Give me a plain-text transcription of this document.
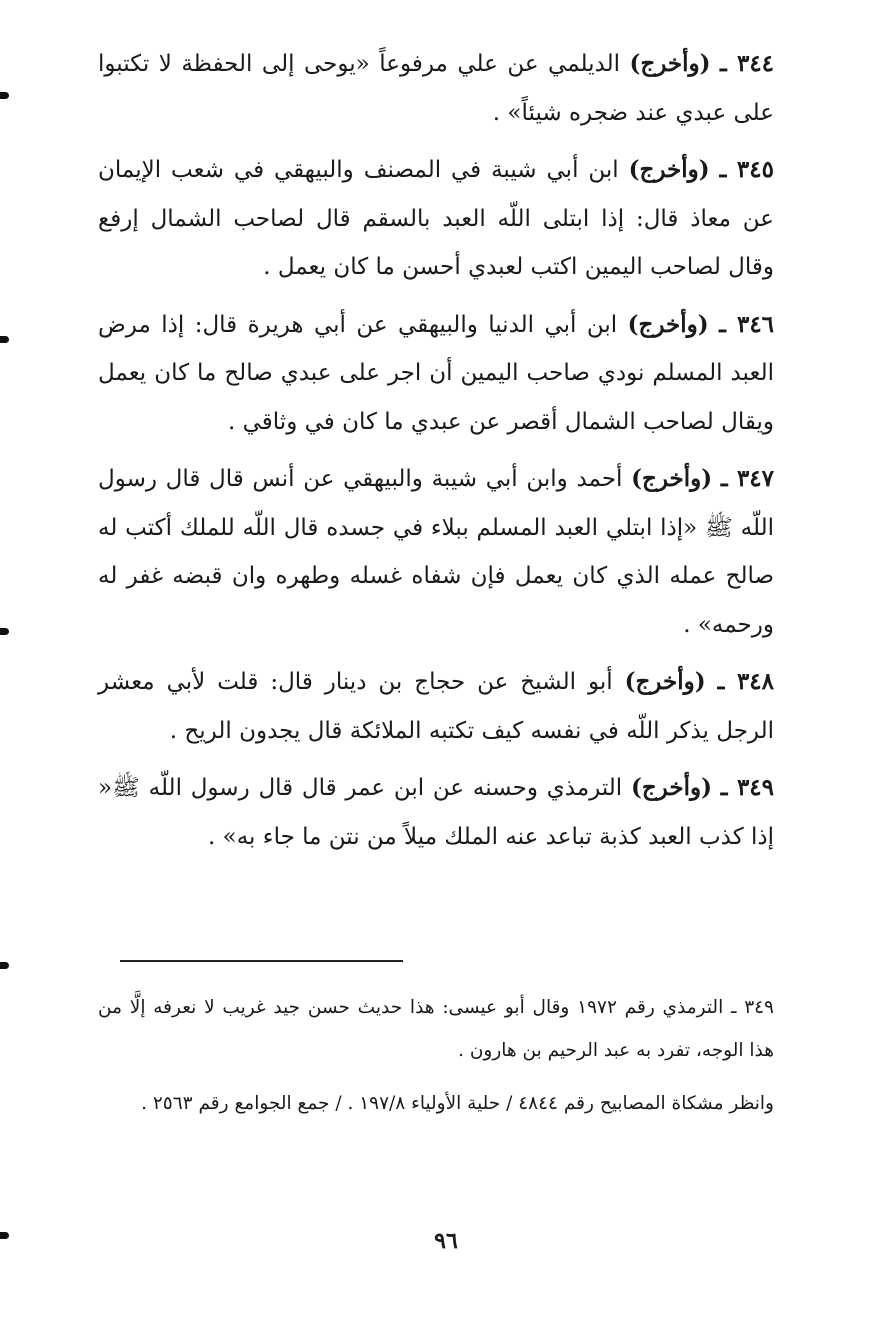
٣٤٤ ـ (وأخرج) الديلمي عن علي مرفوعاً «يوحى إلى الحفظة لا تكتبوا على عبدي عند ضجره شيئاً» .

٣٤٥ ـ (وأخرج) ابن أبي شيبة في المصنف والبيهقي في شعب الإيمان عن معاذ قال: إذا ابتلى اللّه العبد بالسقم قال لصاحب الشمال إرفع وقال لصاحب اليمين اكتب لعبدي أحسن ما كان يعمل .

٣٤٦ ـ (وأخرج) ابن أبي الدنيا والبيهقي عن أبي هريرة قال: إذا مرض العبد المسلم نودي صاحب اليمين أن اجر على عبدي صالح ما كان يعمل ويقال لصاحب الشمال أقصر عن عبدي ما كان في وثاقي .

٣٤٧ ـ (وأخرج) أحمد وابن أبي شيبة والبيهقي عن أنس قال قال رسول اللّه ﷺ «إذا ابتلي العبد المسلم ببلاء في جسده قال اللّه للملك أكتب له صالح عمله الذي كان يعمل فإن شفاه غسله وطهره وان قبضه غفر له ورحمه» .

٣٤٨ ـ (وأخرج) أبو الشيخ عن حجاج بن دينار قال: قلت لأبي معشر الرجل يذكر اللّه في نفسه كيف تكتبه الملائكة قال يجدون الريح .

٣٤٩ ـ (وأخرج) الترمذي وحسنه عن ابن عمر قال قال رسول اللّه ﷺ« إذا كذب العبد كذبة تباعد عنه الملك ميلاً من نتن ما جاء به» .

٣٤٩ ـ الترمذي رقم ١٩٧٢ وقال أبو عيسى: هذا حديث حسن جيد غريب لا نعرفه إلَّا من هذا الوجه، تفرد به عبد الرحيم بن هارون .

وانظر مشكاة المصابيح رقم ٤٨٤٤ / حلية الأولياء ١٩٧/٨ . / جمع الجوامع رقم ٢٥٦٣ .

٩٦
